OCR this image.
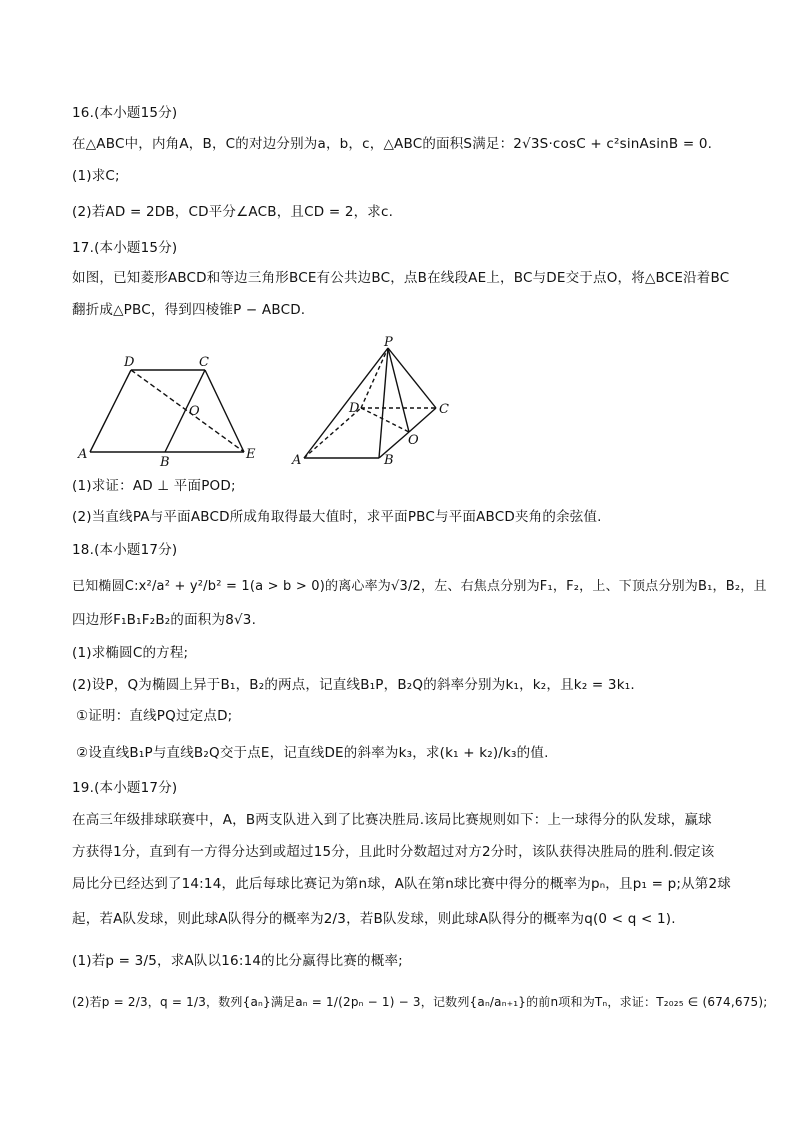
16.(本小题15分)
在△ABC中，内角A，B，C的对边分别为a，b，c，△ABC的面积S满足：2√3S·cosC + c²sinAsinB = 0.
(1)求C;
(2)若AD = 2DB，CD平分∠ACB，且CD = 2，求c.
17.(本小题15分)
如图，已知菱形ABCD和等边三角形BCE有公共边BC，点B在线段AE上，BC与DE交于点O，将△BCE沿着BC
翻折成△PBC，得到四棱锥P − ABCD.
D	C
O
A
B
E
P
D	C
O
A	B
(1)求证：AD ⊥ 平面POD;
(2)当直线PA与平面ABCD所成角取得最大值时，求平面PBC与平面ABCD夹角的余弦值.
18.(本小题17分)
已知椭圆C:x²/a² + y²/b² = 1(a > b > 0)的离心率为√3/2，左、右焦点分别为F₁，F₂，上、下顶点分别为B₁，B₂，且
四边形F₁B₁F₂B₂的面积为8√3.
(1)求椭圆C的方程;
(2)设P，Q为椭圆上异于B₁，B₂的两点，记直线B₁P，B₂Q的斜率分别为k₁，k₂，且k₂ = 3k₁.
①证明：直线PQ过定点D;
②设直线B₁P与直线B₂Q交于点E，记直线DE的斜率为k₃，求(k₁ + k₂)/k₃的值.
19.(本小题17分)
在高三年级排球联赛中，A，B两支队进入到了比赛决胜局.该局比赛规则如下：上一球得分的队发球，赢球
方获得1分，直到有一方得分达到或超过15分，且此时分数超过对方2分时，该队获得决胜局的胜利.假定该
局比分已经达到了14:14，此后每球比赛记为第n球，A队在第n球比赛中得分的概率为pₙ，且p₁ = p;从第2球
起，若A队发球，则此球A队得分的概率为2/3，若B队发球，则此球A队得分的概率为q(0 < q < 1).
(1)若p = 3/5，求A队以16:14的比分赢得比赛的概率;
(2)若p = 2/3，q = 1/3，数列{aₙ}满足aₙ = 1/(2pₙ − 1) − 3，记数列{aₙ/aₙ₊₁}的前n项和为Tₙ，求证：T₂₀₂₅ ∈ (674,675);
